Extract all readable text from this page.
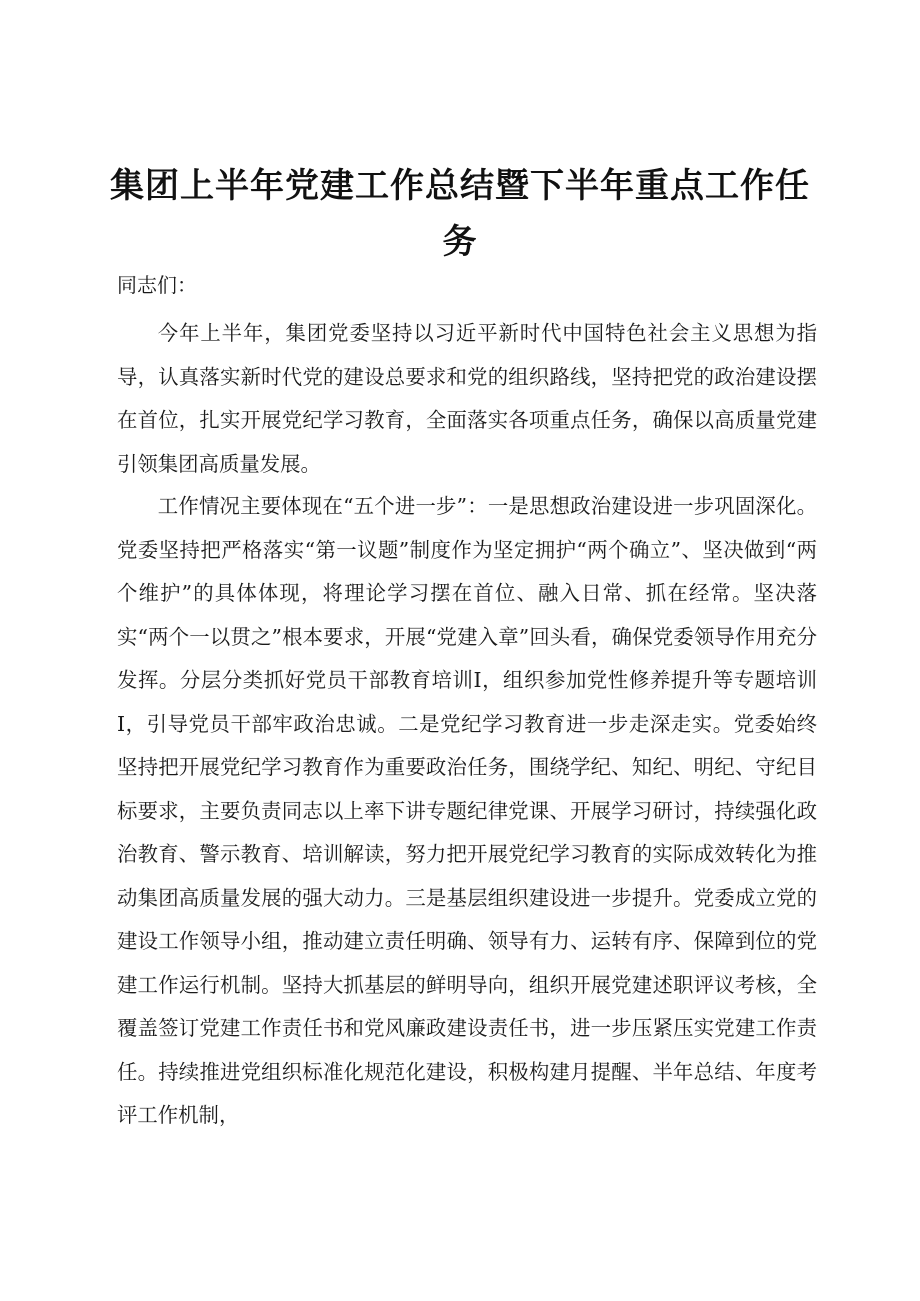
集团上半年党建工作总结暨下半年重点工作任务

同志们：

今年上半年，集团党委坚持以习近平新时代中国特色社会主义思想为指导，认真落实新时代党的建设总要求和党的组织路线，坚持把党的政治建设摆在首位，扎实开展党纪学习教育，全面落实各项重点任务，确保以高质量党建引领集团高质量发展。

工作情况主要体现在“五个进一步”：一是思想政治建设进一步巩固深化。党委坚持把严格落实“第一议题”制度作为坚定拥护“两个确立”、坚决做到“两个维护”的具体体现，将理论学习摆在首位、融入日常、抓在经常。坚决落实“两个一以贯之”根本要求，开展“党建入章”回头看，确保党委领导作用充分发挥。分层分类抓好党员干部教育培训I，组织参加党性修养提升等专题培训I，引导党员干部牢政治忠诚。二是党纪学习教育进一步走深走实。党委始终坚持把开展党纪学习教育作为重要政治任务，围绕学纪、知纪、明纪、守纪目标要求，主要负责同志以上率下讲专题纪律党课、开展学习研讨，持续强化政治教育、警示教育、培训解读，努力把开展党纪学习教育的实际成效转化为推动集团高质量发展的强大动力。三是基层组织建设进一步提升。党委成立党的建设工作领导小组，推动建立责任明确、领导有力、运转有序、保障到位的党建工作运行机制。坚持大抓基层的鲜明导向，组织开展党建述职评议考核，全覆盖签订党建工作责任书和党风廉政建设责任书，进一步压紧压实党建工作责任。持续推进党组织标准化规范化建设，积极构建月提醒、半年总结、年度考评工作机制，
